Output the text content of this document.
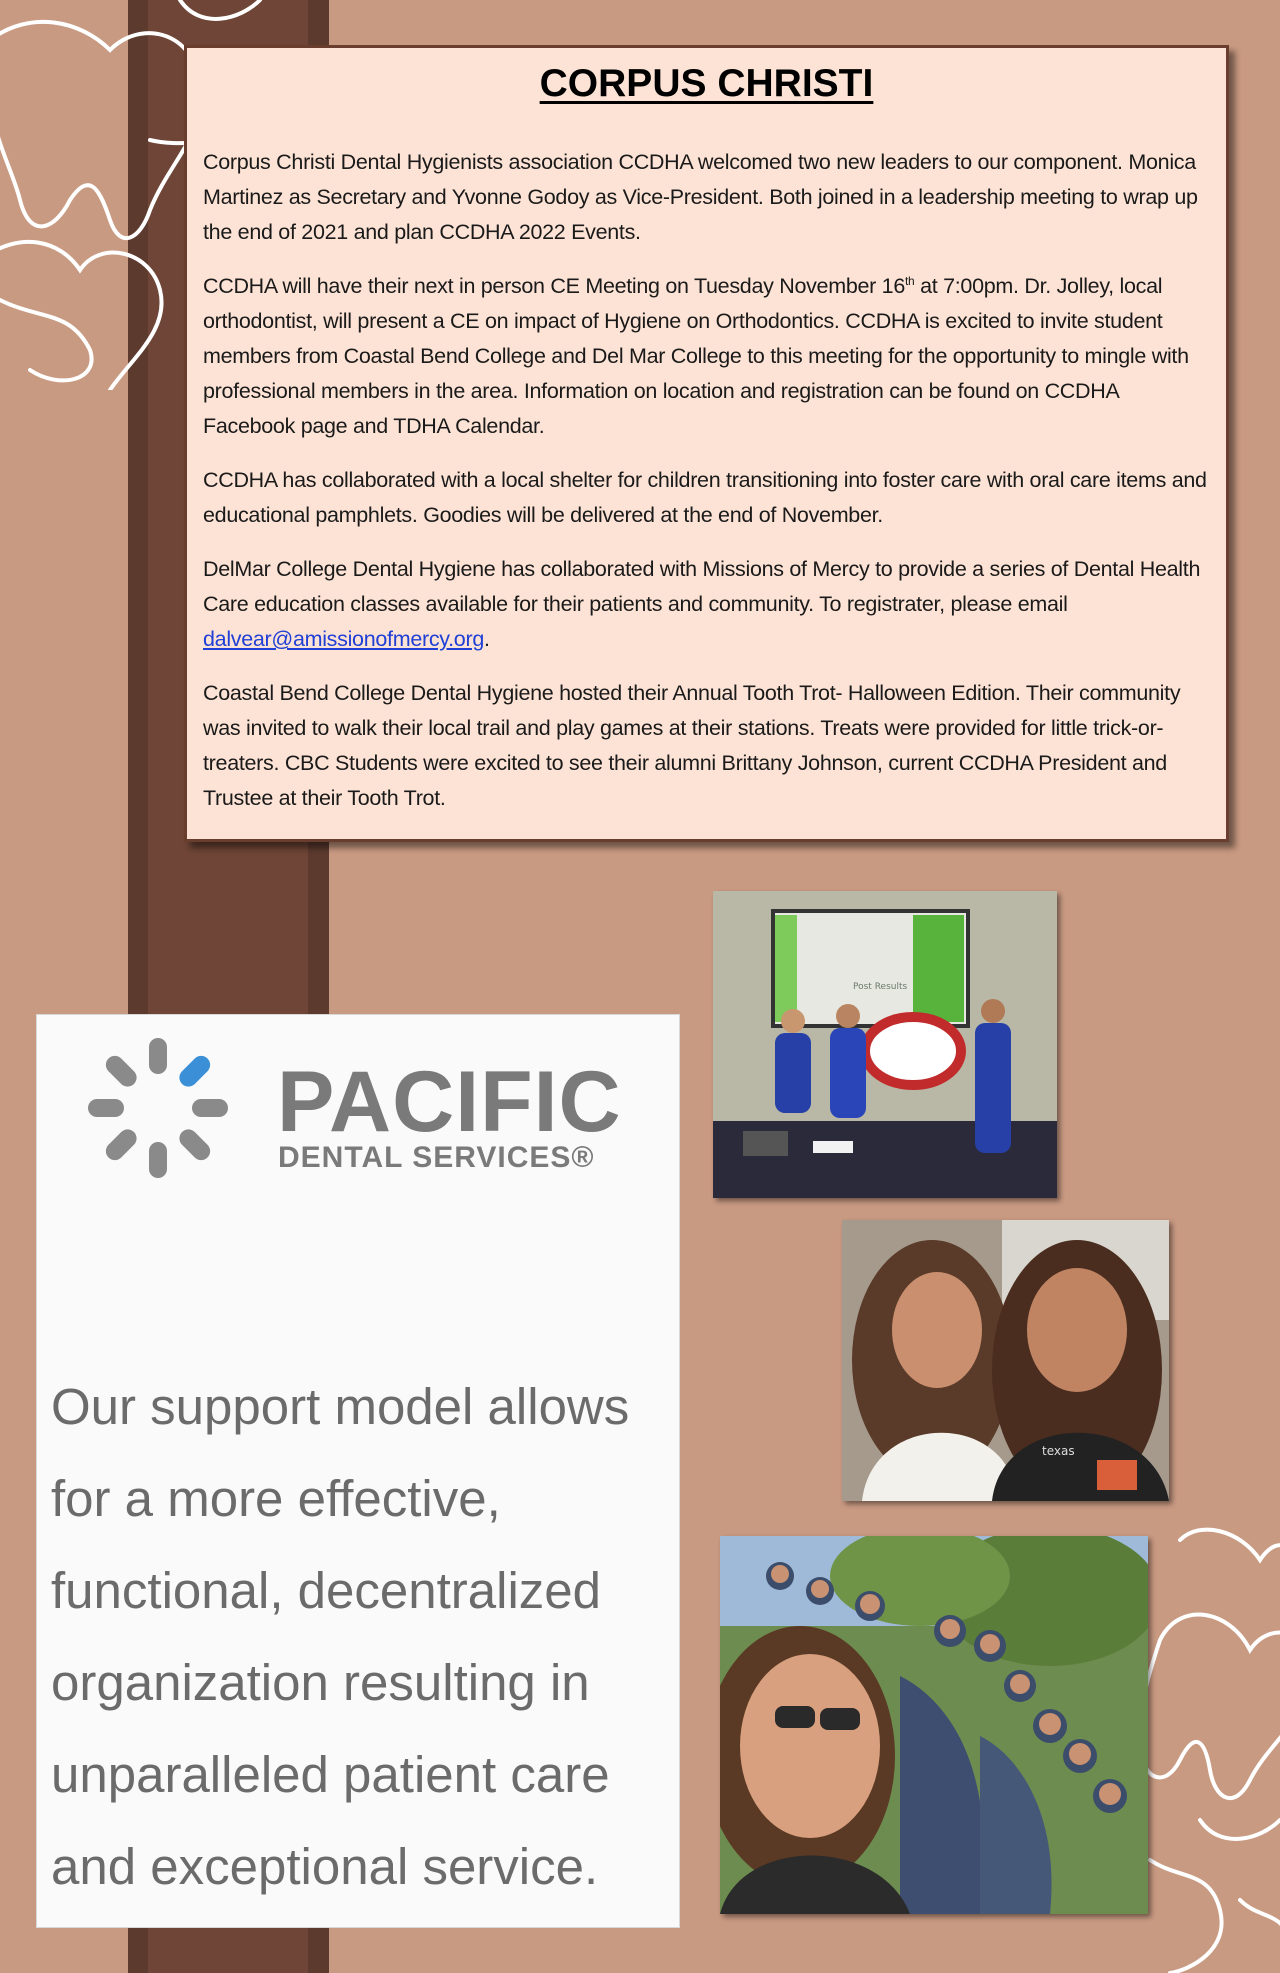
CORPUS CHRISTI

Corpus Christi Dental Hygienists association CCDHA welcomed two new leaders to our component. Monica Martinez as Secretary and Yvonne Godoy as Vice-President. Both joined in a leadership meeting to wrap up the end of 2021 and plan CCDHA 2022 Events.

CCDHA will have their next in person CE Meeting on Tuesday November 16th at 7:00pm. Dr. Jolley, local orthodontist, will present a CE on impact of Hygiene on Orthodontics. CCDHA is excited to invite student members from Coastal Bend College and Del Mar College to this meeting for the opportunity to mingle with professional members in the area. Information on location and registration can be found on CCDHA Facebook page and TDHA Calendar.

CCDHA has collaborated with a local shelter for children transitioning into foster care with oral care items and educational pamphlets. Goodies will be delivered at the end of November.

DelMar College Dental Hygiene has collaborated with Missions of Mercy to provide a series of Dental Health Care education classes available for their patients and community. To registrater, please email dalvear@amissionofmercy.org.

Coastal Bend College Dental Hygiene hosted their Annual Tooth Trot- Halloween Edition. Their community was invited to walk their local trail and play games at their stations. Treats were provided for little trick-or-treaters. CBC Students were excited to see their alumni Brittany Johnson, current CCDHA President and Trustee at their Tooth Trot.

PACIFIC
DENTAL SERVICES®
Our support model allows for a more effective, functional, decentralized organization resulting in unparalleled patient care and exceptional service.
Post Results
texas
